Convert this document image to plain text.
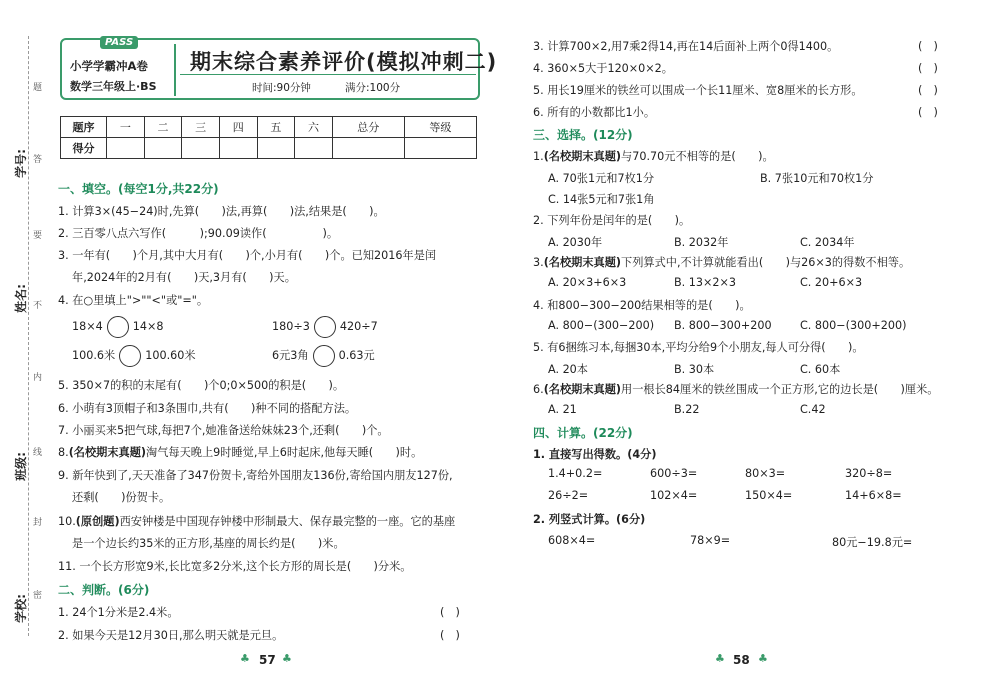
学号:
姓名:
班级:
学校:
题
答
要
不
内
线
封
密
PASS
小学学霸冲A卷
数学三年级上·BS
期末综合素养评价(模拟冲刺二)
时间:90分钟	满分:100分
题序	一	二	三	四	五	六	总分	等级
得分								
一、填空。(每空1分,共22分)
1. 计算3×(45−24)时,先算(　　)法,再算(　　)法,结果是(　　)。
2. 三百零八点六写作(　　　);90.09读作(　　　　　)。
3. 一年有(　　)个月,其中大月有(　　)个,小月有(　　)个。已知2016年是闰
年,2024年的2月有(　　)天,3月有(　　)天。
4. 在○里填上">""<"或"="。
18×4	14×8	180÷3	420÷7
100.6米	100.60米	6元3角	0.63元
5. 350×7的积的末尾有(　　)个0;0×500的积是(　　)。
6. 小萌有3顶帽子和3条围巾,共有(　　)种不同的搭配方法。
7. 小丽买来5把气球,每把7个,她准备送给妹妹23个,还剩(　　)个。
8.(名校期末真题)淘气每天晚上9时睡觉,早上6时起床,他每天睡(　　)时。
9. 新年快到了,天天准备了347份贺卡,寄给外国朋友136份,寄给国内朋友127份,
还剩(　　)份贺卡。
10.(原创题)西安钟楼是中国现存钟楼中形制最大、保存最完整的一座。它的基座
是一个边长约35米的正方形,基座的周长约是(　　)米。
11. 一个长方形宽9米,长比宽多2分米,这个长方形的周长是(　　)分米。
二、判断。(6分)
1. 24个1分米是2.4米。	(　)
2. 如果今天是12月30日,那么明天就是元旦。	(　)
♣ 57 ♣
3. 计算700×2,用7乘2得14,再在14后面补上两个0得1400。	(　)
4. 360×5大于120×0×2。	(　)
5. 用长19厘米的铁丝可以围成一个长11厘米、宽8厘米的长方形。	(　)
6. 所有的小数都比1小。	(　)
三、选择。(12分)
1.(名校期末真题)与70.70元不相等的是(　　)。
A. 70张1元和7枚1分	B. 7张10元和70枚1分
C. 14张5元和7张1角
2. 下列年份是闰年的是(　　)。
A. 2030年	B. 2032年	C. 2034年
3.(名校期末真题)下列算式中,不计算就能看出(　　)与26×3的得数不相等。
A. 20×3+6×3	B. 13×2×3	C. 20+6×3
4. 和800−300−200结果相等的是(　　)。
A. 800−(300−200) B. 800−300+200	C. 800−(300+200)
5. 有6捆练习本,每捆30本,平均分给9个小朋友,每人可分得(　　)。
A. 20本	B. 30本	C. 60本
6.(名校期末真题)用一根长84厘米的铁丝围成一个正方形,它的边长是(　　)厘米。
A. 21	B.22	C.42
四、计算。(22分)
1. 直接写出得数。(4分)
1.4+0.2=	600÷3=	80×3=	320÷8=
26÷2=	102×4=	150×4=	14+6×8=
2. 列竖式计算。(6分)
608×4=	78×9=	80元−19.8元=
♣ 58 ♣
